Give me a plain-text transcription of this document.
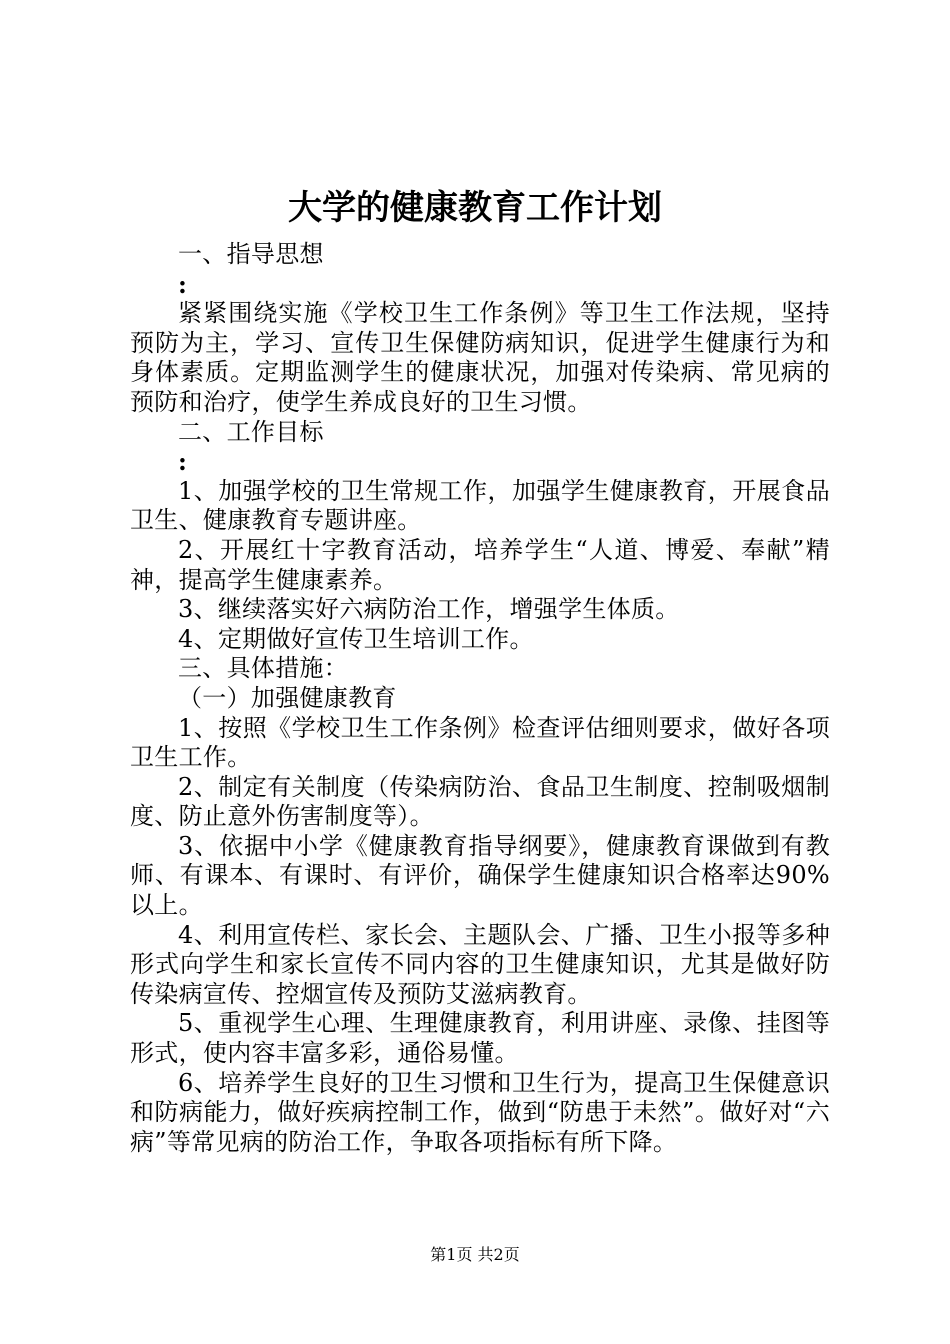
大学的健康教育工作计划

一、指导思想

:

紧紧围绕实施《学校卫生工作条例》等卫生工作法规，坚持预防为主，学习、宣传卫生保健防病知识，促进学生健康行为和身体素质。定期监测学生的健康状况，加强对传染病、常见病的预防和治疗，使学生养成良好的卫生习惯。

二、工作目标

:

1、加强学校的卫生常规工作，加强学生健康教育，开展食品卫生、健康教育专题讲座。

2、开展红十字教育活动，培养学生“人道、博爱、奉献”精神，提高学生健康素养。

3、继续落实好六病防治工作，增强学生体质。

4、定期做好宣传卫生培训工作。

三、具体措施：

（一）加强健康教育

1、按照《学校卫生工作条例》检查评估细则要求，做好各项卫生工作。

2、制定有关制度（传染病防治、食品卫生制度、控制吸烟制度、防止意外伤害制度等）。

3、依据中小学《健康教育指导纲要》，健康教育课做到有教师、有课本、有课时、有评价，确保学生健康知识合格率达90%以上。

4、利用宣传栏、家长会、主题队会、广播、卫生小报等多种形式向学生和家长宣传不同内容的卫生健康知识，尤其是做好防传染病宣传、控烟宣传及预防艾滋病教育。

5、重视学生心理、生理健康教育，利用讲座、录像、挂图等形式，使内容丰富多彩，通俗易懂。

6、培养学生良好的卫生习惯和卫生行为，提高卫生保健意识和防病能力，做好疾病控制工作，做到“防患于未然”。做好对“六病”等常见病的防治工作，争取各项指标有所下降。

第1页 共2页
